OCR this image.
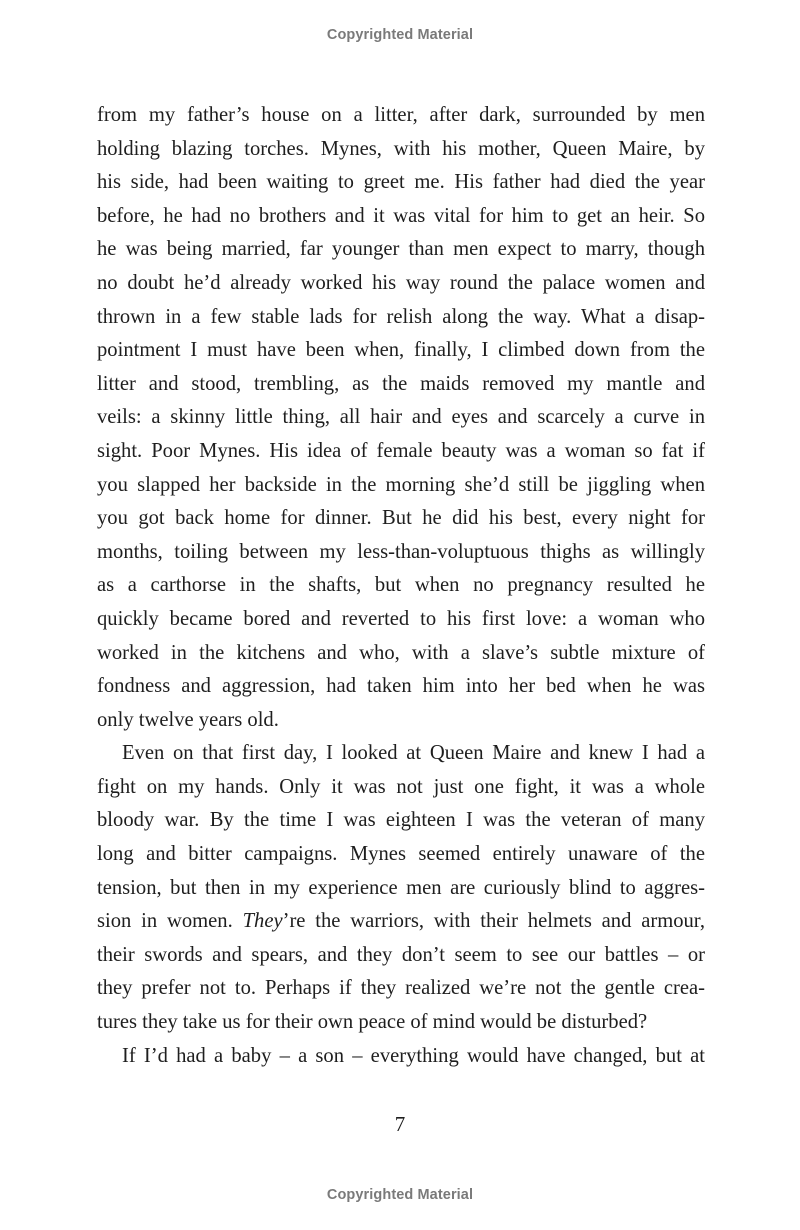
Copyrighted Material
from my father’s house on a litter, after dark, surrounded by men
holding blazing torches. Mynes, with his mother, Queen Maire, by
his side, had been waiting to greet me. His father had died the year
before, he had no brothers and it was vital for him to get an heir. So
he was being married, far younger than men expect to marry, though
no doubt he’d already worked his way round the palace women and
thrown in a few stable lads for relish along the way. What a disap-
pointment I must have been when, finally, I climbed down from the
litter and stood, trembling, as the maids removed my mantle and
veils: a skinny little thing, all hair and eyes and scarcely a curve in
sight. Poor Mynes. His idea of female beauty was a woman so fat if
you slapped her backside in the morning she’d still be jiggling when
you got back home for dinner. But he did his best, every night for
months, toiling between my less-than-voluptuous thighs as willingly
as a carthorse in the shafts, but when no pregnancy resulted he
quickly became bored and reverted to his first love: a woman who
worked in the kitchens and who, with a slave’s subtle mixture of
fondness and aggression, had taken him into her bed when he was
only twelve years old.
Even on that first day, I looked at Queen Maire and knew I had a
fight on my hands. Only it was not just one fight, it was a whole
bloody war. By the time I was eighteen I was the veteran of many
long and bitter campaigns. Mynes seemed entirely unaware of the
tension, but then in my experience men are curiously blind to aggres-
sion in women. They’re the warriors, with their helmets and armour,
their swords and spears, and they don’t seem to see our battles – or
they prefer not to. Perhaps if they realized we’re not the gentle crea-
tures they take us for their own peace of mind would be disturbed?
If I’d had a baby – a son – everything would have changed, but at
7
Copyrighted Material
